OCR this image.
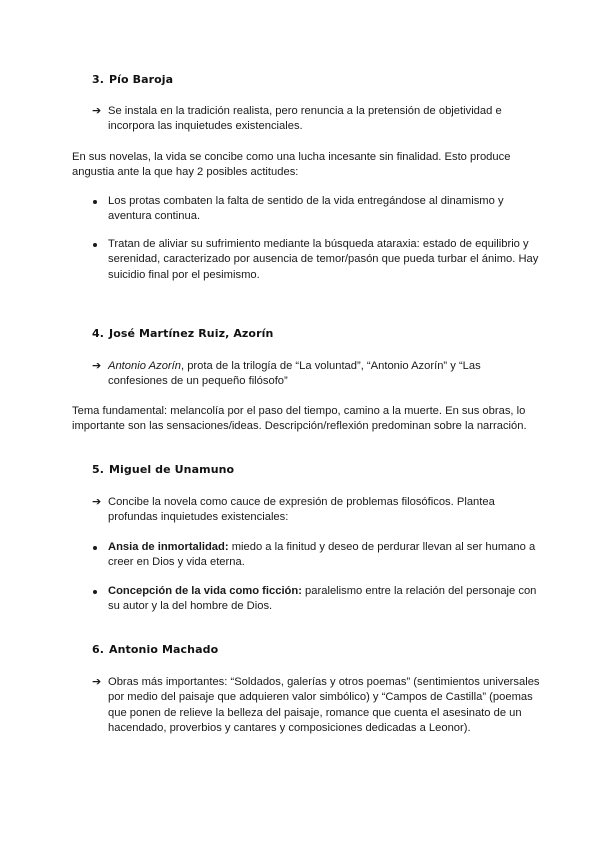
3. Pío Baroja
➔ Se instala en la tradición realista, pero renuncia a la pretensión de objetividad e incorpora las inquietudes existenciales.
En sus novelas, la vida se concibe como una lucha incesante sin finalidad. Esto produce angustia ante la que hay 2 posibles actitudes:
Los protas combaten la falta de sentido de la vida entregándose al dinamismo y aventura continua.
Tratan de aliviar su sufrimiento mediante la búsqueda ataraxia: estado de equilibrio y serenidad, caracterizado por ausencia de temor/pasón que pueda turbar el ánimo. Hay suicidio final por el pesimismo.
4. José Martínez Ruiz, Azorín
➔ Antonio Azorín, prota de la trilogía de “La voluntad”, “Antonio Azorín” y “Las confesiones de un pequeño filósofo”
Tema fundamental: melancolía por el paso del tiempo, camino a la muerte. En sus obras, lo importante son las sensaciones/ideas. Descripción/reflexión predominan sobre la narración.
5. Miguel de Unamuno
➔ Concibe la novela como cauce de expresión de problemas filosóficos. Plantea profundas inquietudes existenciales:
Ansia de inmortalidad: miedo a la finitud y deseo de perdurar llevan al ser humano a creer en Dios y vida eterna.
Concepción de la vida como ficción: paralelismo entre la relación del personaje con su autor y la del hombre de Dios.
6. Antonio Machado
➔ Obras más importantes: “Soldados, galerías y otros poemas” (sentimientos universales por medio del paisaje que adquieren valor simbólico) y “Campos de Castilla” (poemas que ponen de relieve la belleza del paisaje, romance que cuenta el asesinato de un hacendado, proverbios y cantares y composiciones dedicadas a Leonor).
